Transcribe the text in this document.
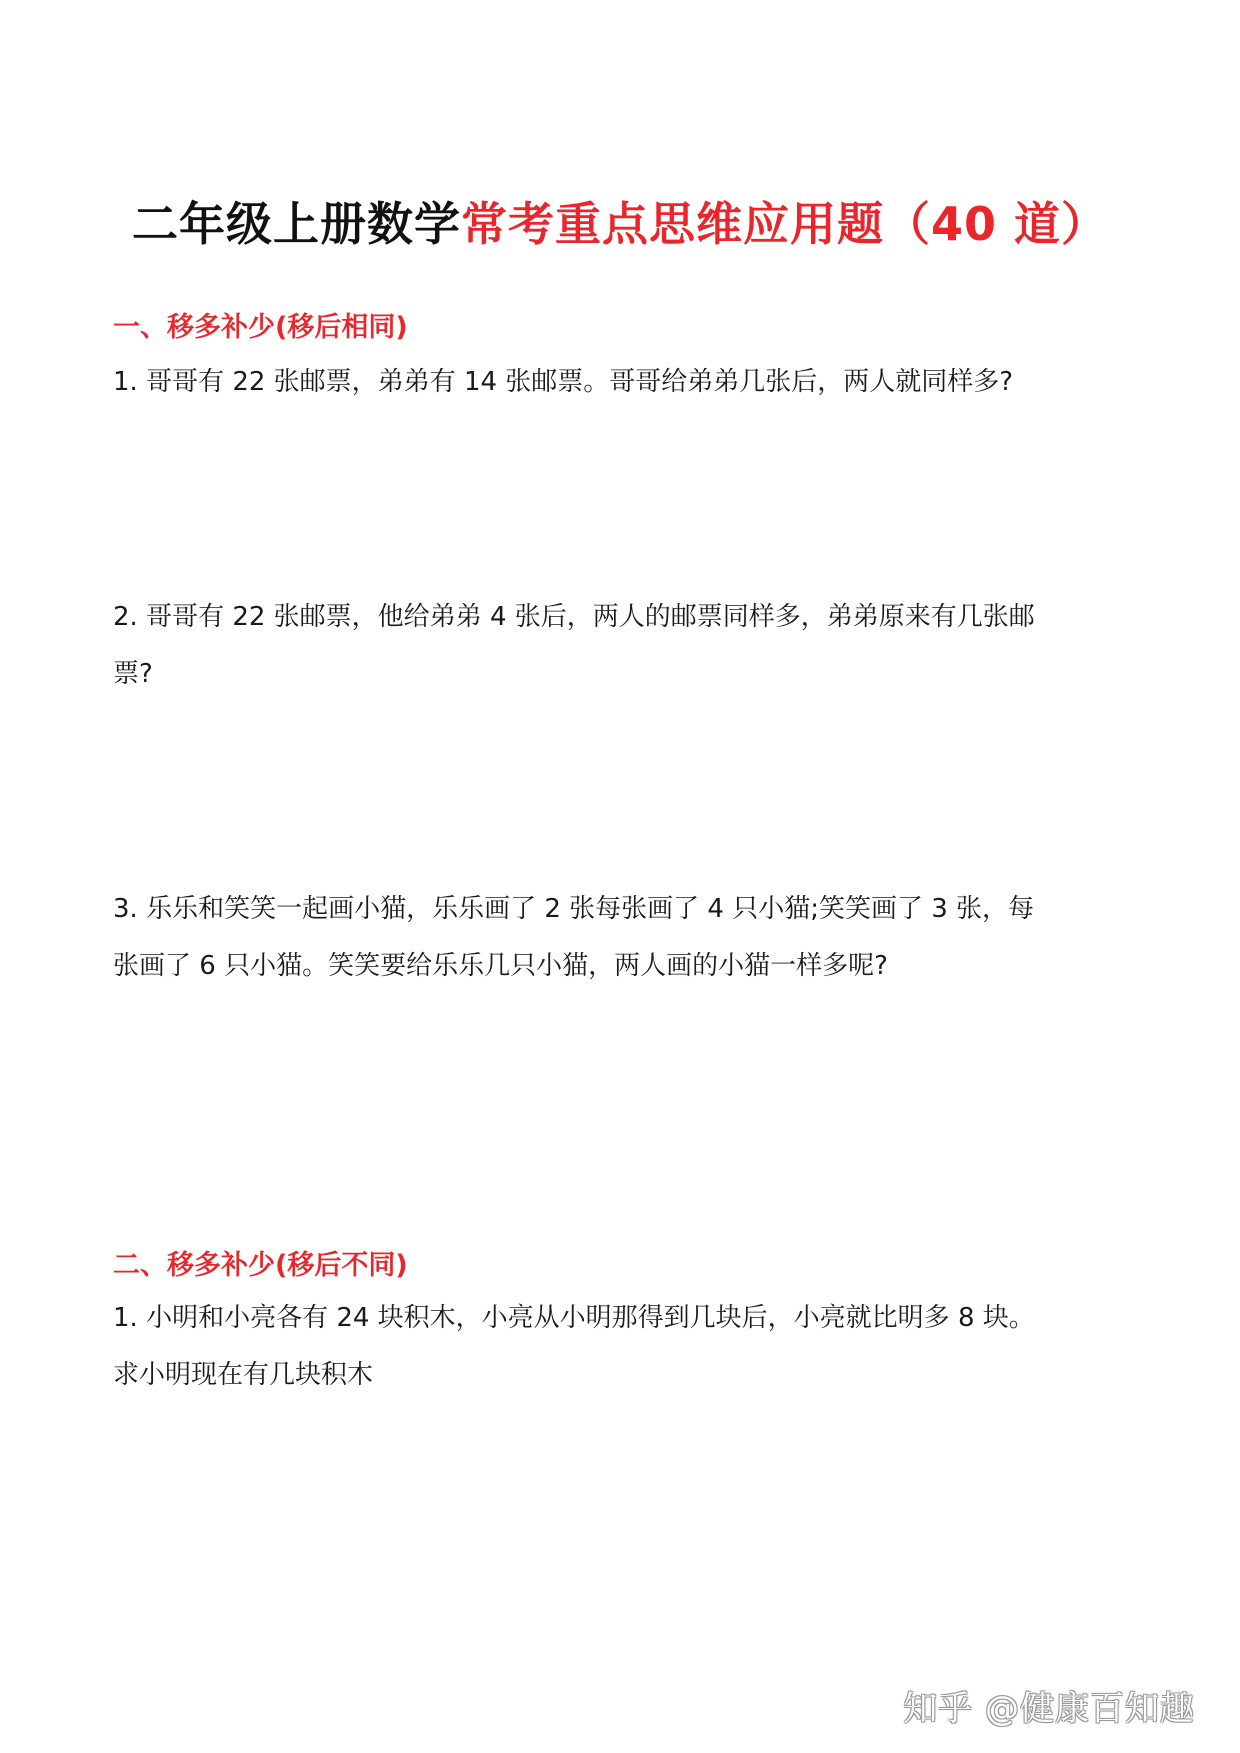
二年级上册数学常考重点思维应用题（40 道）
一、移多补少(移后相同)

1. 哥哥有 22 张邮票，弟弟有 14 张邮票。哥哥给弟弟几张后，两人就同样多?

2. 哥哥有 22 张邮票，他给弟弟 4 张后，两人的邮票同样多，弟弟原来有几张邮

票?

3. 乐乐和笑笑一起画小猫，乐乐画了 2 张每张画了 4 只小猫;笑笑画了 3 张，每

张画了 6 只小猫。笑笑要给乐乐几只小猫，两人画的小猫一样多呢?

二、移多补少(移后不同)

1. 小明和小亮各有 24 块积木，小亮从小明那得到几块后，小亮就比明多 8 块。

求小明现在有几块积木

知乎 @健康百知趣
